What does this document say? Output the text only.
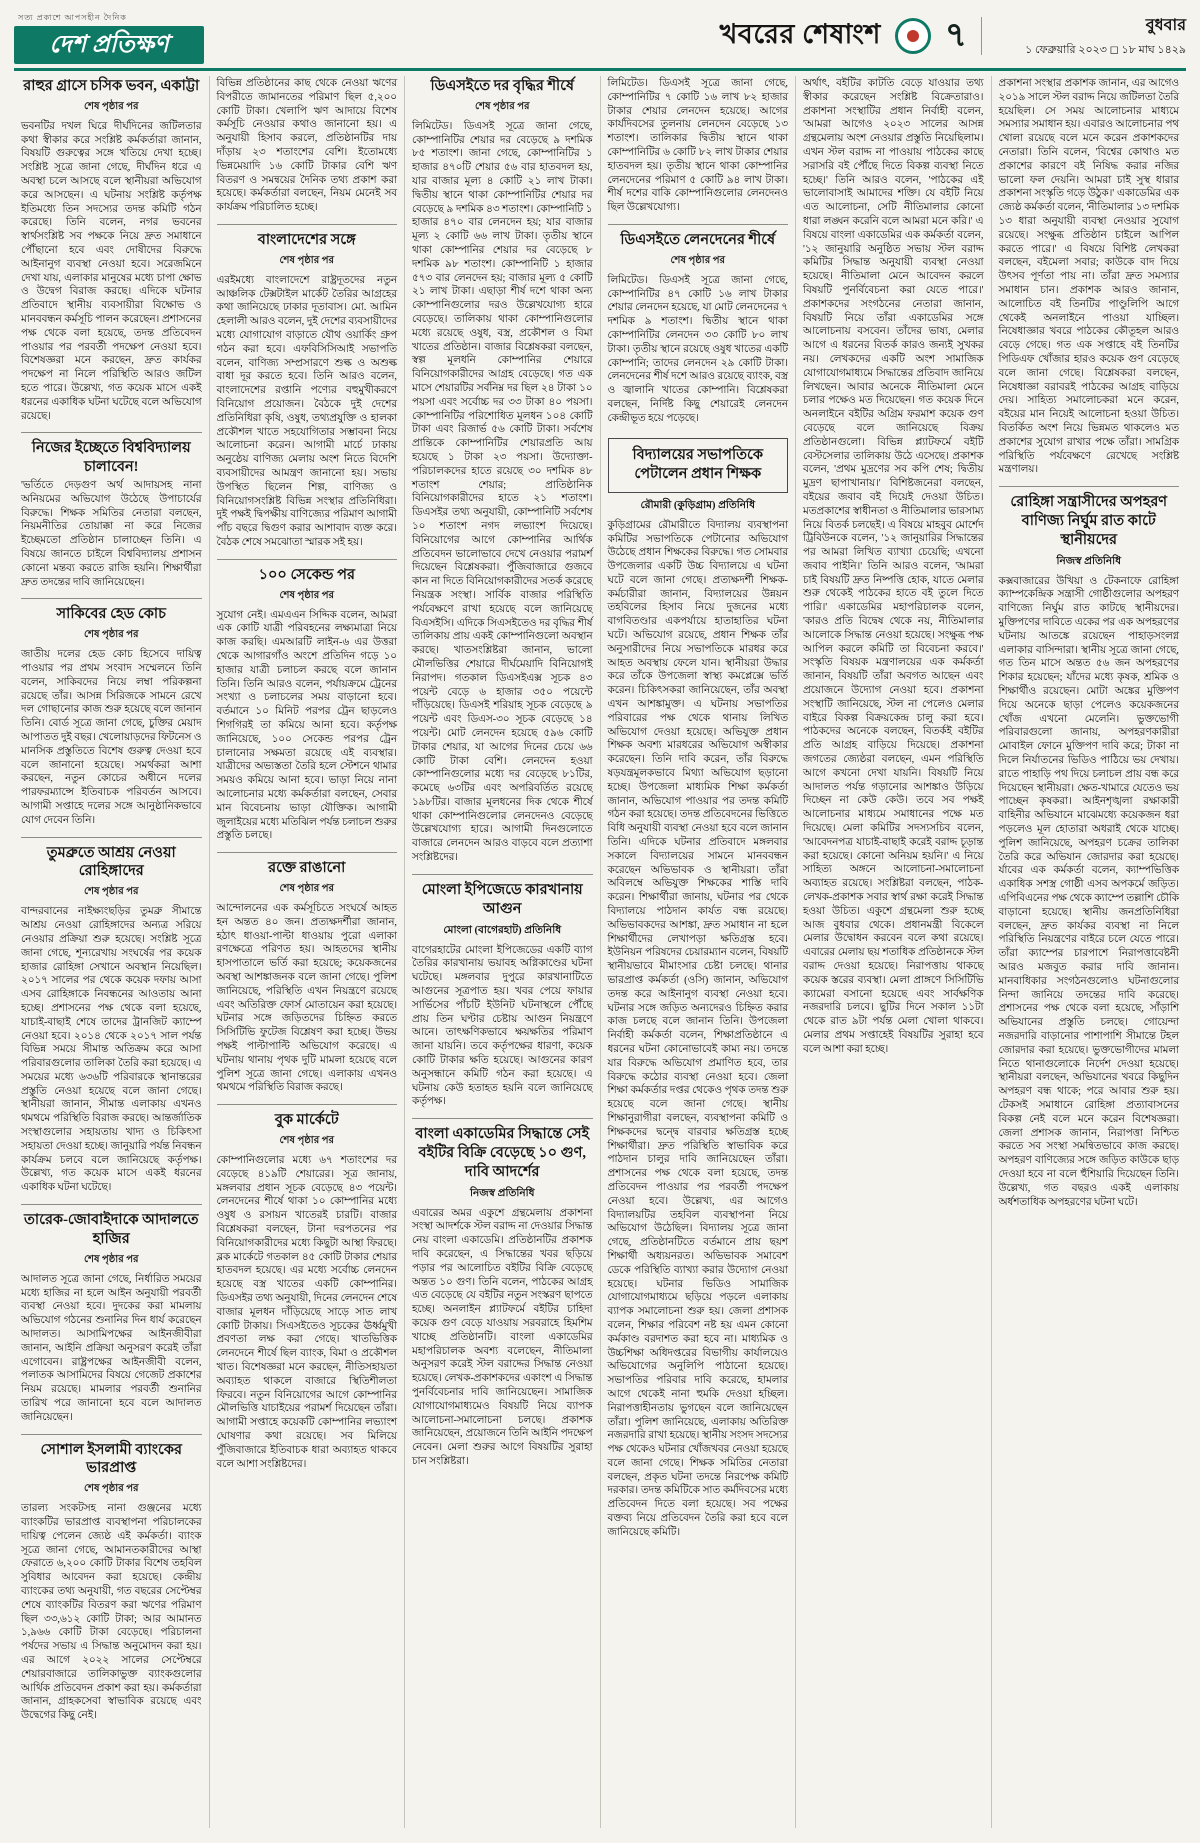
সত্য প্রকাশে আপসহীন দৈনিক
দেশ প্রতিক্ষণ	খবরের শেষাংশ ৭	বুধবার
১ ফেব্রুয়ারি ২০২৩ ◻ ১৮ মাঘ ১৪২৯
রাহুর গ্রাসে চসিক ভবন, একাট্টা
শেষ পৃষ্ঠার পর
ভবনটির দখল ঘিরে দীর্ঘদিনের জটিলতার কথা স্বীকার করে সংশ্লিষ্ট কর্মকর্তারা জানান, বিষয়টি গুরুত্বের সঙ্গে খতিয়ে দেখা হচ্ছে। সংশ্লিষ্ট সূত্রে জানা গেছে, দীর্ঘদিন ধরে এ অবস্থা চলে আসছে বলে স্থানীয়রা অভিযোগ করে আসছেন। এ ঘটনায় সংশ্লিষ্ট কর্তৃপক্ষ ইতিমধ্যে তিন সদস্যের তদন্ত কমিটি গঠন করেছে। তিনি বলেন, নগর ভবনের স্বার্থসংশ্লিষ্ট সব পক্ষকে নিয়ে দ্রুত সমাধানে পৌঁছানো হবে এবং দোষীদের বিরুদ্ধে আইনানুগ ব্যবস্থা নেওয়া হবে। সরেজমিনে দেখা যায়, এলাকার মানুষের মধ্যে চাপা ক্ষোভ ও উদ্বেগ বিরাজ করছে। এদিকে ঘটনার প্রতিবাদে স্থানীয় ব্যবসায়ীরা বিক্ষোভ ও মানববন্ধন কর্মসূচি পালন করেছেন। প্রশাসনের পক্ষ থেকে বলা হয়েছে, তদন্ত প্রতিবেদন পাওয়ার পর পরবর্তী পদক্ষেপ নেওয়া হবে। বিশেষজ্ঞরা মনে করছেন, দ্রুত কার্যকর পদক্ষেপ না নিলে পরিস্থিতি আরও জটিল হতে পারে। উল্লেখ্য, গত কয়েক মাসে একই ধরনের একাধিক ঘটনা ঘটেছে বলে অভিযোগ রয়েছে।
নিজের ইচ্ছেতে বিশ্ববিদ্যালয় চালাবেন!
'ভর্তিতে দেড়গুণ অর্থ আদায়সহ নানা অনিয়মের অভিযোগ উঠেছে উপাচার্যের বিরুদ্ধে। শিক্ষক সমিতির নেতারা বলছেন, নিয়মনীতির তোয়াক্কা না করে নিজের ইচ্ছেমতো প্রতিষ্ঠান চালাচ্ছেন তিনি। এ বিষয়ে জানতে চাইলে বিশ্ববিদ্যালয় প্রশাসন কোনো মন্তব্য করতে রাজি হয়নি। শিক্ষার্থীরা দ্রুত তদন্তের দাবি জানিয়েছেন।
সাকিবের হেড কোচ
শেষ পৃষ্ঠার পর
জাতীয় দলের হেড কোচ হিসেবে দায়িত্ব পাওয়ার পর প্রথম সংবাদ সম্মেলনে তিনি বলেন, সাকিবদের নিয়ে লম্বা পরিকল্পনা রয়েছে তাঁর। আসন্ন সিরিজকে সামনে রেখে দল গোছানোর কাজ শুরু হয়েছে বলে জানান তিনি। বোর্ড সূত্রে জানা গেছে, চুক্তির মেয়াদ আপাতত দুই বছর। খেলোয়াড়দের ফিটনেস ও মানসিক প্রস্তুতিতে বিশেষ গুরুত্ব দেওয়া হবে বলে জানানো হয়েছে। সমর্থকরা আশা করছেন, নতুন কোচের অধীনে দলের পারফরম্যান্সে ইতিবাচক পরিবর্তন আসবে। আগামী সপ্তাহে দলের সঙ্গে আনুষ্ঠানিকভাবে যোগ দেবেন তিনি।
তুমব্রুতে আশ্রয় নেওয়া রোহিঙ্গাদের
শেষ পৃষ্ঠার পর
বান্দরবানের নাইক্ষ্যংছড়ির তুমব্রু সীমান্তে আশ্রয় নেওয়া রোহিঙ্গাদের অন্যত্র সরিয়ে নেওয়ার প্রক্রিয়া শুরু হয়েছে। সংশ্লিষ্ট সূত্রে জানা গেছে, শূন্যরেখায় সংঘর্ষের পর কয়েক হাজার রোহিঙ্গা সেখানে অবস্থান নিয়েছিল। ২০১৭ সালের পর থেকে কয়েক দফায় আসা এসব রোহিঙ্গাকে নিবন্ধনের আওতায় আনা হচ্ছে। প্রশাসনের পক্ষ থেকে বলা হয়েছে, যাচাই-বাছাই শেষে তাদের ট্রানজিট ক্যাম্পে নেওয়া হবে। ২০১৪ থেকে ২০১৭ সাল পর্যন্ত বিভিন্ন সময়ে সীমান্ত অতিক্রম করে আসা পরিবারগুলোর তালিকা তৈরি করা হয়েছে। এ সময়ের মধ্যে ৬৩৬টি পরিবারকে স্থানান্তরের প্রস্তুতি নেওয়া হয়েছে বলে জানা গেছে। স্থানীয়রা জানান, সীমান্ত এলাকায় এখনও থমথমে পরিস্থিতি বিরাজ করছে। আন্তর্জাতিক সংস্থাগুলোর সহায়তায় খাদ্য ও চিকিৎসা সহায়তা দেওয়া হচ্ছে। জানুয়ারি পর্যন্ত নিবন্ধন কার্যক্রম চলবে বলে জানিয়েছে কর্তৃপক্ষ। উল্লেখ্য, গত কয়েক মাসে একই ধরনের একাধিক ঘটনা ঘটেছে।
তারেক-জোবাইদাকে আদালতে হাজির
শেষ পৃষ্ঠার পর
আদালত সূত্রে জানা গেছে, নির্ধারিত সময়ের মধ্যে হাজির না হলে আইন অনুযায়ী পরবর্তী ব্যবস্থা নেওয়া হবে। দুদকের করা মামলায় অভিযোগ গঠনের শুনানির দিন ধার্য করেছেন আদালত। আসামিপক্ষের আইনজীবীরা জানান, আইনি প্রক্রিয়া অনুসরণ করেই তাঁরা এগোবেন। রাষ্ট্রপক্ষের আইনজীবী বলেন, পলাতক আসামিদের বিষয়ে গেজেট প্রকাশের নিয়ম রয়েছে। মামলার পরবর্তী শুনানির তারিখ পরে জানানো হবে বলে আদালত জানিয়েছেন।
সোশাল ইসলামী ব্যাংকের ভারপ্রাপ্ত
শেষ পৃষ্ঠার পর
তারল্য সংকটসহ নানা গুঞ্জনের মধ্যে ব্যাংকটির ভারপ্রাপ্ত ব্যবস্থাপনা পরিচালকের দায়িত্ব পেলেন জ্যেষ্ঠ এই কর্মকর্তা। ব্যাংক সূত্রে জানা গেছে, আমানতকারীদের আস্থা ফেরাতে ৬,২০০ কোটি টাকার বিশেষ তহবিল সুবিধার আবেদন করা হয়েছে। কেন্দ্রীয় ব্যাংকের তথ্য অনুযায়ী, গত বছরের সেপ্টেম্বর শেষে ব্যাংকটির বিতরণ করা ঋণের পরিমাণ ছিল ৩৩,৬১২ কোটি টাকা; আর আমানত ১,৯৬৬ কোটি টাকা বেড়েছে। পরিচালনা পর্ষদের সভায় এ সিদ্ধান্ত অনুমোদন করা হয়। এর আগে ২০২২ সালের সেপ্টেম্বরে শেয়ারবাজারে তালিকাভুক্ত ব্যাংকগুলোর আর্থিক প্রতিবেদন প্রকাশ করা হয়। কর্মকর্তারা জানান, গ্রাহকসেবা স্বাভাবিক রয়েছে এবং উদ্বেগের কিছু নেই।
বিভিন্ন প্রতিষ্ঠানের কাছ থেকে নেওয়া ঋণের বিপরীতে জামানতের পরিমাণ ছিল ৫,২০০ কোটি টাকা। খেলাপি ঋণ আদায়ে বিশেষ কর্মসূচি নেওয়ার কথাও জানানো হয়। এ অনুযায়ী হিসাব করলে, প্রতিষ্ঠানটির দায় দাঁড়ায় ২৩ শতাংশের বেশি। ইতোমধ্যে ভিন্নমেয়াদি ১৬ কোটি টাকার বেশি ঋণ বিতরণ ও সমন্বয়ের দৈনিক তথ্য প্রকাশ করা হয়েছে। কর্মকর্তারা বলছেন, নিয়ম মেনেই সব কার্যক্রম পরিচালিত হচ্ছে।
বাংলাদেশের সঙ্গে
শেষ পৃষ্ঠার পর
এরইমধ্যে বাংলাদেশে রাষ্ট্রদূতদের নতুন আঞ্চলিক টেক্সটাইল মার্কেট তৈরির আগ্রহের কথা জানিয়েছে ঢাকার দূতাবাস। মো. আমিন হেলালী আরও বলেন, দুই দেশের ব্যবসায়ীদের মধ্যে যোগাযোগ বাড়াতে যৌথ ওয়ার্কিং গ্রুপ গঠন করা হবে। এফবিসিসিআই সভাপতি বলেন, বাণিজ্য সম্প্রসারণে শুল্ক ও অশুল্ক বাধা দূর করতে হবে। তিনি আরও বলেন, বাংলাদেশের রপ্তানি পণ্যের বহুমুখীকরণে বিনিয়োগ প্রয়োজন। বৈঠকে দুই দেশের প্রতিনিধিরা কৃষি, ওষুধ, তথ্যপ্রযুক্তি ও হালকা প্রকৌশল খাতে সহযোগিতার সম্ভাবনা নিয়ে আলোচনা করেন। আগামী মার্চে ঢাকায় অনুষ্ঠেয় বাণিজ্য মেলায় অংশ নিতে বিদেশি ব্যবসায়ীদের আমন্ত্রণ জানানো হয়। সভায় উপস্থিত ছিলেন শিল্প, বাণিজ্য ও বিনিয়োগসংশ্লিষ্ট বিভিন্ন সংস্থার প্রতিনিধিরা। দুই পক্ষই দ্বিপক্ষীয় বাণিজ্যের পরিমাণ আগামী পাঁচ বছরে দ্বিগুণ করার আশাবাদ ব্যক্ত করে। বৈঠক শেষে সমঝোতা স্মারক সই হয়।
১০০ সেকেন্ড পর
শেষ পৃষ্ঠার পর
সুযোগ নেই। এমএএন সিদ্দিক বলেন, আমরা এক কোটি যাত্রী পরিবহনের লক্ষ্যমাত্রা নিয়ে কাজ করছি। এমআরটি লাইন-৬ এর উত্তরা থেকে আগারগাঁও অংশে প্রতিদিন গড়ে ১০ হাজার যাত্রী চলাচল করছে বলে জানান তিনি। তিনি আরও বলেন, পর্যায়ক্রমে ট্রেনের সংখ্যা ও চলাচলের সময় বাড়ানো হবে। বর্তমানে ১০ মিনিট পরপর ট্রেন ছাড়লেও শিগগিরই তা কমিয়ে আনা হবে। কর্তৃপক্ষ জানিয়েছে, ১০০ সেকেন্ড পরপর ট্রেন চালানোর সক্ষমতা রয়েছে এই ব্যবস্থার। যাত্রীদের অভ্যস্ততা তৈরি হলে স্টেশনে থামার সময়ও কমিয়ে আনা হবে। ভাড়া নিয়ে নানা আলোচনার মধ্যে কর্মকর্তারা বলছেন, সেবার মান বিবেচনায় ভাড়া যৌক্তিক। আগামী জুলাইয়ের মধ্যে মতিঝিল পর্যন্ত চলাচল শুরুর প্রস্তুতি চলছে।
রক্তে রাঙানো
শেষ পৃষ্ঠার পর
আন্দোলনের এক কর্মসূচিতে সংঘর্ষে আহত হন অন্তত ৪০ জন। প্রত্যক্ষদর্শীরা জানান, হঠাৎ ধাওয়া-পাল্টা ধাওয়ায় পুরো এলাকা রণক্ষেত্রে পরিণত হয়। আহতদের স্থানীয় হাসপাতালে ভর্তি করা হয়েছে; কয়েকজনের অবস্থা আশঙ্কাজনক বলে জানা গেছে। পুলিশ জানিয়েছে, পরিস্থিতি এখন নিয়ন্ত্রণে রয়েছে এবং অতিরিক্ত ফোর্স মোতায়েন করা হয়েছে। ঘটনার সঙ্গে জড়িতদের চিহ্নিত করতে সিসিটিভি ফুটেজ বিশ্লেষণ করা হচ্ছে। উভয় পক্ষই পাল্টাপাল্টি অভিযোগ করেছে। এ ঘটনায় থানায় পৃথক দুটি মামলা হয়েছে বলে পুলিশ সূত্রে জানা গেছে। এলাকায় এখনও থমথমে পরিস্থিতি বিরাজ করছে।
বুক মার্কেটে
শেষ পৃষ্ঠার পর
কোম্পানিগুলোর মধ্যে ৬৭ শতাংশের দর বেড়েছে ৪১৯টি শেয়ারের। সূত্র জানায়, মঙ্গলবার প্রধান সূচক বেড়েছে ৪৩ পয়েন্ট। লেনদেনের শীর্ষে থাকা ১০ কোম্পানির মধ্যে ওষুধ ও রসায়ন খাতেরই চারটি। বাজার বিশ্লেষকরা বলছেন, টানা দরপতনের পর বিনিয়োগকারীদের মধ্যে কিছুটা আস্থা ফিরছে। ব্লক মার্কেটে গতকাল ৪৫ কোটি টাকার শেয়ার হাতবদল হয়েছে। এর মধ্যে সর্বোচ্চ লেনদেন হয়েছে বস্ত্র খাতের একটি কোম্পানির। ডিএসইর তথ্য অনুযায়ী, দিনের লেনদেন শেষে বাজার মূলধন দাঁড়িয়েছে সাড়ে সাত লাখ কোটি টাকায়। সিএসইতেও সূচকের ঊর্ধ্বমুখী প্রবণতা লক্ষ করা গেছে। খাতভিত্তিক লেনদেনে শীর্ষে ছিল ব্যাংক, বিমা ও প্রকৌশল খাত। বিশেষজ্ঞরা মনে করছেন, নীতিসহায়তা অব্যাহত থাকলে বাজারে স্থিতিশীলতা ফিরবে। নতুন বিনিয়োগের আগে কোম্পানির মৌলভিত্তি যাচাইয়ের পরামর্শ দিয়েছেন তাঁরা। আগামী সপ্তাহে কয়েকটি কোম্পানির লভ্যাংশ ঘোষণার কথা রয়েছে। সব মিলিয়ে পুঁজিবাজারে ইতিবাচক ধারা অব্যাহত থাকবে বলে আশা সংশ্লিষ্টদের।
ডিএসইতে দর বৃদ্ধির শীর্ষে
শেষ পৃষ্ঠার পর
লিমিটেড। ডিএসই সূত্রে জানা গেছে, কোম্পানিটির শেয়ার দর বেড়েছে ৯ দশমিক ৮৫ শতাংশ। জানা গেছে, কোম্পানিটির ১ হাজার ৪৭০টি শেয়ার ৫৬ বার হাতবদল হয়, যার বাজার মূল্য ৪ কোটি ২১ লাখ টাকা। দ্বিতীয় স্থানে থাকা কোম্পানিটির শেয়ার দর বেড়েছে ৯ দশমিক ৪৩ শতাংশ। কোম্পানিটি ১ হাজার ৪৭০ বার লেনদেন হয়; যার বাজার মূল্য ২ কোটি ৬৬ লাখ টাকা। তৃতীয় স্থানে থাকা কোম্পানির শেয়ার দর বেড়েছে ৮ দশমিক ৯৮ শতাংশ। কোম্পানিটি ১ হাজার ৫৭৩ বার লেনদেন হয়; বাজার মূল্য ৫ কোটি ২১ লাখ টাকা। এছাড়া শীর্ষ দশে থাকা অন্য কোম্পানিগুলোর দরও উল্লেখযোগ্য হারে বেড়েছে। তালিকায় থাকা কোম্পানিগুলোর মধ্যে রয়েছে ওষুধ, বস্ত্র, প্রকৌশল ও বিমা খাতের প্রতিষ্ঠান। বাজার বিশ্লেষকরা বলছেন, স্বল্প মূলধনি কোম্পানির শেয়ারে বিনিয়োগকারীদের আগ্রহ বেড়েছে। গত এক মাসে শেয়ারটির সর্বনিম্ন দর ছিল ২৪ টাকা ১০ পয়সা এবং সর্বোচ্চ দর ৩৩ টাকা ৪০ পয়সা। কোম্পানিটির পরিশোধিত মূলধন ১০৪ কোটি টাকা এবং রিজার্ভ ৫৬ কোটি টাকা। সর্বশেষ প্রান্তিকে কোম্পানিটির শেয়ারপ্রতি আয় হয়েছে ১ টাকা ২৩ পয়সা। উদ্যোক্তা-পরিচালকদের হাতে রয়েছে ৩০ দশমিক ৪৮ শতাংশ শেয়ার; প্রাতিষ্ঠানিক বিনিয়োগকারীদের হাতে ২১ শতাংশ। ডিএসইর তথ্য অনুযায়ী, কোম্পানিটি সর্বশেষ ১০ শতাংশ নগদ লভ্যাংশ দিয়েছে। বিনিয়োগের আগে কোম্পানির আর্থিক প্রতিবেদন ভালোভাবে দেখে নেওয়ার পরামর্শ দিয়েছেন বিশ্লেষকরা। পুঁজিবাজারে গুজবে কান না দিতে বিনিয়োগকারীদের সতর্ক করেছে নিয়ন্ত্রক সংস্থা। সার্বিক বাজার পরিস্থিতি পর্যবেক্ষণে রাখা হয়েছে বলে জানিয়েছে বিএসইসি। এদিকে সিএসইতেও দর বৃদ্ধির শীর্ষ তালিকায় প্রায় একই কোম্পানিগুলো অবস্থান করছে। খাতসংশ্লিষ্টরা জানান, ভালো মৌলভিত্তির শেয়ারে দীর্ঘমেয়াদি বিনিয়োগই নিরাপদ। গতকাল ডিএসইএক্স সূচক ৪৩ পয়েন্ট বেড়ে ৬ হাজার ৩৫০ পয়েন্টে দাঁড়িয়েছে। ডিএসই শরিয়াহ সূচক বেড়েছে ৯ পয়েন্ট এবং ডিএস-৩০ সূচক বেড়েছে ১৪ পয়েন্ট। মোট লেনদেন হয়েছে ৫৯৬ কোটি টাকার শেয়ার, যা আগের দিনের চেয়ে ৬৬ কোটি টাকা বেশি। লেনদেন হওয়া কোম্পানিগুলোর মধ্যে দর বেড়েছে ৮১টির, কমেছে ৬৩টির এবং অপরিবর্তিত রয়েছে ১৯৮টির। বাজার মূলধনের দিক থেকে শীর্ষে থাকা কোম্পানিগুলোর লেনদেনও বেড়েছে উল্লেখযোগ্য হারে। আগামী দিনগুলোতে বাজারে লেনদেন আরও বাড়বে বলে প্রত্যাশা সংশ্লিষ্টদের।
মোংলা ইপিজেডে কারখানায় আগুন
মোংলা (বাগেরহাট) প্রতিনিধি
বাগেরহাটের মোংলা ইপিজেডের একটি ব্যাগ তৈরির কারখানায় ভয়াবহ অগ্নিকাণ্ডের ঘটনা ঘটেছে। মঙ্গলবার দুপুরে কারখানাটিতে আগুনের সূত্রপাত হয়। খবর পেয়ে ফায়ার সার্ভিসের পাঁচটি ইউনিট ঘটনাস্থলে পৌঁছে প্রায় তিন ঘণ্টার চেষ্টায় আগুন নিয়ন্ত্রণে আনে। তাৎক্ষণিকভাবে ক্ষয়ক্ষতির পরিমাণ জানা যায়নি। তবে কর্তৃপক্ষের ধারণা, কয়েক কোটি টাকার ক্ষতি হয়েছে। আগুনের কারণ অনুসন্ধানে কমিটি গঠন করা হয়েছে। এ ঘটনায় কেউ হতাহত হয়নি বলে জানিয়েছে কর্তৃপক্ষ।
বাংলা একাডেমির সিদ্ধান্তে সেই বইটির বিক্রি বেড়েছে ১০ গুণ, দাবি আদর্শের
নিজস্ব প্রতিনিধি
এবারের অমর একুশে গ্রন্থমেলায় প্রকাশনা সংস্থা আদর্শকে স্টল বরাদ্দ না দেওয়ার সিদ্ধান্ত নেয় বাংলা একাডেমি। প্রতিষ্ঠানটির প্রকাশক দাবি করেছেন, এ সিদ্ধান্তের খবর ছড়িয়ে পড়ার পর আলোচিত বইটির বিক্রি বেড়েছে অন্তত ১০ গুণ। তিনি বলেন, পাঠকের আগ্রহ এত বেড়েছে যে বইটির নতুন সংস্করণ ছাপতে হচ্ছে। অনলাইন প্ল্যাটফর্মে বইটির চাহিদা কয়েক গুণ বেড়ে যাওয়ায় সরবরাহে হিমশিম খাচ্ছে প্রতিষ্ঠানটি। বাংলা একাডেমির মহাপরিচালক অবশ্য বলেছেন, নীতিমালা অনুসরণ করেই স্টল বরাদ্দের সিদ্ধান্ত নেওয়া হয়েছে। লেখক-প্রকাশকদের একাংশ এ সিদ্ধান্ত পুনর্বিবেচনার দাবি জানিয়েছেন। সামাজিক যোগাযোগমাধ্যমেও বিষয়টি নিয়ে ব্যাপক আলোচনা-সমালোচনা চলছে। প্রকাশক জানিয়েছেন, প্রয়োজনে তিনি আইনি পদক্ষেপ নেবেন। মেলা শুরুর আগে বিষয়টির সুরাহা চান সংশ্লিষ্টরা।
লিমিটেড। ডিএসই সূত্রে জানা গেছে, কোম্পানিটির ৭ কোটি ১৬ লাখ ৮২ হাজার টাকার শেয়ার লেনদেন হয়েছে। আগের কার্যদিবসের তুলনায় লেনদেন বেড়েছে ১৩ শতাংশ। তালিকার দ্বিতীয় স্থানে থাকা কোম্পানিটির ৬ কোটি ৮২ লাখ টাকার শেয়ার হাতবদল হয়। তৃতীয় স্থানে থাকা কোম্পানির লেনদেনের পরিমাণ ৫ কোটি ৯৪ লাখ টাকা। শীর্ষ দশের বাকি কোম্পানিগুলোর লেনদেনও ছিল উল্লেখযোগ্য।
ডিএসইতে লেনদেনের শীর্ষে
শেষ পৃষ্ঠার পর
লিমিটেড। ডিএসই সূত্রে জানা গেছে, কোম্পানিটির ৪৭ কোটি ১৬ লাখ টাকার শেয়ার লেনদেন হয়েছে, যা মোট লেনদেনের ৭ দশমিক ৯ শতাংশ। দ্বিতীয় স্থানে থাকা কোম্পানিটির লেনদেন ৩৩ কোটি ৮০ লাখ টাকা। তৃতীয় স্থানে রয়েছে ওষুধ খাতের একটি কোম্পানি; তাদের লেনদেন ২৯ কোটি টাকা। লেনদেনের শীর্ষ দশে আরও রয়েছে ব্যাংক, বস্ত্র ও জ্বালানি খাতের কোম্পানি। বিশ্লেষকরা বলছেন, নির্দিষ্ট কিছু শেয়ারেই লেনদেন কেন্দ্রীভূত হয়ে পড়েছে।
বিদ্যালয়ের সভাপতিকে পেটালেন প্রধান শিক্ষক
রৌমারী (কুড়িগ্রাম) প্রতিনিধি
কুড়িগ্রামের রৌমারীতে বিদ্যালয় ব্যবস্থাপনা কমিটির সভাপতিকে পেটানোর অভিযোগ উঠেছে প্রধান শিক্ষকের বিরুদ্ধে। গত সোমবার উপজেলার একটি উচ্চ বিদ্যালয়ে এ ঘটনা ঘটে বলে জানা গেছে। প্রত্যক্ষদর্শী শিক্ষক-কর্মচারীরা জানান, বিদ্যালয়ের উন্নয়ন তহবিলের হিসাব নিয়ে দুজনের মধ্যে বাগবিতণ্ডার একপর্যায়ে হাতাহাতির ঘটনা ঘটে। অভিযোগ রয়েছে, প্রধান শিক্ষক তাঁর অনুসারীদের নিয়ে সভাপতিকে মারধর করে আহত অবস্থায় ফেলে যান। স্থানীয়রা উদ্ধার করে তাঁকে উপজেলা স্বাস্থ্য কমপ্লেক্সে ভর্তি করেন। চিকিৎসকরা জানিয়েছেন, তাঁর অবস্থা এখন আশঙ্কামুক্ত। এ ঘটনায় সভাপতির পরিবারের পক্ষ থেকে থানায় লিখিত অভিযোগ দেওয়া হয়েছে। অভিযুক্ত প্রধান শিক্ষক অবশ্য মারধরের অভিযোগ অস্বীকার করেছেন। তিনি দাবি করেন, তাঁর বিরুদ্ধে ষড়যন্ত্রমূলকভাবে মিথ্যা অভিযোগ ছড়ানো হচ্ছে। উপজেলা মাধ্যমিক শিক্ষা কর্মকর্তা জানান, অভিযোগ পাওয়ার পর তদন্ত কমিটি গঠন করা হয়েছে। তদন্ত প্রতিবেদনের ভিত্তিতে বিধি অনুযায়ী ব্যবস্থা নেওয়া হবে বলে জানান তিনি। এদিকে ঘটনার প্রতিবাদে মঙ্গলবার সকালে বিদ্যালয়ের সামনে মানববন্ধন করেছেন অভিভাবক ও স্থানীয়রা। তাঁরা অবিলম্বে অভিযুক্ত শিক্ষকের শাস্তি দাবি করেন। শিক্ষার্থীরা জানায়, ঘটনার পর থেকে বিদ্যালয়ে পাঠদান কার্যত বন্ধ রয়েছে। অভিভাবকদের আশঙ্কা, দ্রুত সমাধান না হলে শিক্ষার্থীদের লেখাপড়া ক্ষতিগ্রস্ত হবে। ইউনিয়ন পরিষদের চেয়ারম্যান বলেন, বিষয়টি স্থানীয়ভাবে মীমাংসার চেষ্টা চলছে। থানার ভারপ্রাপ্ত কর্মকর্তা (ওসি) জানান, অভিযোগ তদন্ত করে আইনানুগ ব্যবস্থা নেওয়া হবে। ঘটনার সঙ্গে জড়িত অন্যদেরও চিহ্নিত করার কাজ চলছে বলে জানান তিনি। উপজেলা নির্বাহী কর্মকর্তা বলেন, শিক্ষাপ্রতিষ্ঠানে এ ধরনের ঘটনা কোনোভাবেই কাম্য নয়। তদন্তে যার বিরুদ্ধে অভিযোগ প্রমাণিত হবে, তার বিরুদ্ধে কঠোর ব্যবস্থা নেওয়া হবে। জেলা শিক্ষা কর্মকর্তার দপ্তর থেকেও পৃথক তদন্ত শুরু হয়েছে বলে জানা গেছে। স্থানীয় শিক্ষানুরাগীরা বলছেন, ব্যবস্থাপনা কমিটি ও শিক্ষকদের দ্বন্দ্বে বারবার ক্ষতিগ্রস্ত হচ্ছে শিক্ষার্থীরা। দ্রুত পরিস্থিতি স্বাভাবিক করে পাঠদান চালুর দাবি জানিয়েছেন তাঁরা। প্রশাসনের পক্ষ থেকে বলা হয়েছে, তদন্ত প্রতিবেদন পাওয়ার পর পরবর্তী পদক্ষেপ নেওয়া হবে। উল্লেখ্য, এর আগেও বিদ্যালয়টির তহবিল ব্যবস্থাপনা নিয়ে অভিযোগ উঠেছিল। বিদ্যালয় সূত্রে জানা গেছে, প্রতিষ্ঠানটিতে বর্তমানে প্রায় ছয়শ শিক্ষার্থী অধ্যয়নরত। অভিভাবক সমাবেশ ডেকে পরিস্থিতি ব্যাখ্যা করার উদ্যোগ নেওয়া হয়েছে। ঘটনার ভিডিও সামাজিক যোগাযোগমাধ্যমে ছড়িয়ে পড়লে এলাকায় ব্যাপক সমালোচনা শুরু হয়। জেলা প্রশাসক বলেন, শিক্ষার পরিবেশ নষ্ট হয় এমন কোনো কর্মকাণ্ড বরদাশত করা হবে না। মাধ্যমিক ও উচ্চশিক্ষা অধিদপ্তরের বিভাগীয় কার্যালয়েও অভিযোগের অনুলিপি পাঠানো হয়েছে। সভাপতির পরিবার দাবি করেছে, হামলার আগে থেকেই নানা হুমকি দেওয়া হচ্ছিল। নিরাপত্তাহীনতায় ভুগছেন বলে জানিয়েছেন তাঁরা। পুলিশ জানিয়েছে, এলাকায় অতিরিক্ত নজরদারি রাখা হয়েছে। স্থানীয় সংসদ সদস্যের পক্ষ থেকেও ঘটনার খোঁজখবর নেওয়া হয়েছে বলে জানা গেছে। শিক্ষক সমিতির নেতারা বলছেন, প্রকৃত ঘটনা তদন্তে নিরপেক্ষ কমিটি দরকার। তদন্ত কমিটিকে সাত কর্মদিবসের মধ্যে প্রতিবেদন দিতে বলা হয়েছে। সব পক্ষের বক্তব্য নিয়ে প্রতিবেদন তৈরি করা হবে বলে জানিয়েছে কমিটি।
অর্থাৎ, বইটির কাটতি বেড়ে যাওয়ার তথ্য স্বীকার করেছেন সংশ্লিষ্ট বিক্রেতারাও। প্রকাশনা সংস্থাটির প্রধান নির্বাহী বলেন, 'আমরা আগেও ২০২৩ সালের আসন্ন গ্রন্থমেলায় অংশ নেওয়ার প্রস্তুতি নিয়েছিলাম। এখন স্টল বরাদ্দ না পাওয়ায় পাঠকের কাছে সরাসরি বই পৌঁছে দিতে বিকল্প ব্যবস্থা নিতে হচ্ছে।' তিনি আরও বলেন, 'পাঠকের এই ভালোবাসাই আমাদের শক্তি। যে বইটি নিয়ে এত আলোচনা, সেটি নীতিমালার কোনো ধারা লঙ্ঘন করেনি বলে আমরা মনে করি।' এ বিষয়ে বাংলা একাডেমির এক কর্মকর্তা বলেন, '১২ জানুয়ারি অনুষ্ঠিত সভায় স্টল বরাদ্দ কমিটির সিদ্ধান্ত অনুযায়ী ব্যবস্থা নেওয়া হয়েছে। নীতিমালা মেনে আবেদন করলে বিষয়টি পুনর্বিবেচনা করা যেতে পারে।' প্রকাশকদের সংগঠনের নেতারা জানান, বিষয়টি নিয়ে তাঁরা একাডেমির সঙ্গে আলোচনায় বসবেন। তাঁদের ভাষ্য, মেলার আগে এ ধরনের বিতর্ক কারও জন্যই সুখকর নয়। লেখকদের একটি অংশ সামাজিক যোগাযোগমাধ্যমে সিদ্ধান্তের প্রতিবাদ জানিয়ে লিখছেন। আবার অনেকে নীতিমালা মেনে চলার পক্ষেও মত দিয়েছেন। গত কয়েক দিনে অনলাইনে বইটির অগ্রিম ফরমাশ কয়েক গুণ বেড়েছে বলে জানিয়েছে বিক্রয় প্রতিষ্ঠানগুলো। বিভিন্ন প্ল্যাটফর্মে বইটি বেস্টসেলার তালিকায় উঠে এসেছে। প্রকাশক বলেন, 'প্রথম মুদ্রণের সব কপি শেষ; দ্বিতীয় মুদ্রণ ছাপাখানায়।' বিশিষ্টজনেরা বলছেন, বইয়ের জবাব বই দিয়েই দেওয়া উচিত। মতপ্রকাশের স্বাধীনতা ও নীতিমালার ভারসাম্য নিয়ে বিতর্ক চলছেই। এ বিষয়ে মাহবুব মোর্শেদ ট্রিবিউনকে বলেন, '১২ জানুয়ারির সিদ্ধান্তের পর আমরা লিখিত ব্যাখ্যা চেয়েছি; এখনো জবাব পাইনি।' তিনি আরও বলেন, 'আমরা চাই বিষয়টি দ্রুত নিষ্পত্তি হোক, যাতে মেলার শুরু থেকেই পাঠকের হাতে বই তুলে দিতে পারি।' একাডেমির মহাপরিচালক বলেন, 'কারও প্রতি বিদ্বেষ থেকে নয়, নীতিমালার আলোকে সিদ্ধান্ত নেওয়া হয়েছে। সংক্ষুব্ধ পক্ষ আপিল করলে কমিটি তা বিবেচনা করবে।' সংস্কৃতি বিষয়ক মন্ত্রণালয়ের এক কর্মকর্তা জানান, বিষয়টি তাঁরা অবগত আছেন এবং প্রয়োজনে উদ্যোগ নেওয়া হবে। প্রকাশনা সংস্থাটি জানিয়েছে, স্টল না পেলেও মেলার বাইরে বিকল্প বিক্রয়কেন্দ্র চালু করা হবে। পাঠকদের অনেকে বলছেন, বিতর্কই বইটির প্রতি আগ্রহ বাড়িয়ে দিয়েছে। প্রকাশনা জগতের জ্যেষ্ঠরা বলছেন, এমন পরিস্থিতি আগে কখনো দেখা যায়নি। বিষয়টি নিয়ে আদালত পর্যন্ত গড়ানোর আশঙ্কাও উড়িয়ে দিচ্ছেন না কেউ কেউ। তবে সব পক্ষই আলোচনার মাধ্যমে সমাধানের পক্ষে মত দিয়েছে। মেলা কমিটির সদস্যসচিব বলেন, 'আবেদনপত্র যাচাই-বাছাই করেই বরাদ্দ চূড়ান্ত করা হয়েছে। কোনো অনিয়ম হয়নি।' এ নিয়ে সাহিত্য অঙ্গনে আলোচনা-সমালোচনা অব্যাহত রয়েছে। সংশ্লিষ্টরা বলছেন, পাঠক-লেখক-প্রকাশক সবার স্বার্থ রক্ষা করেই সিদ্ধান্ত হওয়া উচিত। একুশে গ্রন্থমেলা শুরু হচ্ছে আজ বুধবার থেকে। প্রধানমন্ত্রী বিকেলে মেলার উদ্বোধন করবেন বলে কথা রয়েছে। এবারের মেলায় ছয় শতাধিক প্রতিষ্ঠানকে স্টল বরাদ্দ দেওয়া হয়েছে। নিরাপত্তায় থাকছে কয়েক স্তরের ব্যবস্থা। মেলা প্রাঙ্গণে সিসিটিভি ক্যামেরা বসানো হয়েছে এবং সার্বক্ষণিক নজরদারি চলবে। ছুটির দিনে সকাল ১১টা থেকে রাত ৯টা পর্যন্ত মেলা খোলা থাকবে। মেলার প্রথম সপ্তাহেই বিষয়টির সুরাহা হবে বলে আশা করা হচ্ছে।
প্রকাশনা সংস্থার প্রকাশক জানান, এর আগেও ২০১৯ সালে স্টল বরাদ্দ নিয়ে জটিলতা তৈরি হয়েছিল। সে সময় আলোচনার মাধ্যমে সমস্যার সমাধান হয়। এবারও আলোচনার পথ খোলা রয়েছে বলে মনে করেন প্রকাশকদের নেতারা। তিনি বলেন, 'বিশ্বের কোথাও মত প্রকাশের কারণে বই নিষিদ্ধ করার নজির ভালো ফল দেয়নি। আমরা চাই সুস্থ ধারার প্রকাশনা সংস্কৃতি গড়ে উঠুক।' একাডেমির এক জ্যেষ্ঠ কর্মকর্তা বলেন, 'নীতিমালার ১৩ দশমিক ১৩ ধারা অনুযায়ী ব্যবস্থা নেওয়ার সুযোগ রয়েছে। সংক্ষুব্ধ প্রতিষ্ঠান চাইলে আপিল করতে পারে।' এ বিষয়ে বিশিষ্ট লেখকরা বলছেন, বইমেলা সবার; কাউকে বাদ দিয়ে উৎসব পূর্ণতা পায় না। তাঁরা দ্রুত সমস্যার সমাধান চান। প্রকাশক আরও জানান, আলোচিত বই তিনটির পাণ্ডুলিপি আগে থেকেই অনলাইনে পাওয়া যাচ্ছিল। নিষেধাজ্ঞার খবরে পাঠকের কৌতূহল আরও বেড়ে গেছে। গত এক সপ্তাহে বই তিনটির পিডিএফ খোঁজার হারও কয়েক গুণ বেড়েছে বলে জানা গেছে। বিশ্লেষকরা বলছেন, নিষেধাজ্ঞা বরাবরই পাঠকের আগ্রহ বাড়িয়ে দেয়। সাহিত্য সমালোচকরা মনে করেন, বইয়ের মান নিয়েই আলোচনা হওয়া উচিত। বিতর্কিত অংশ নিয়ে ভিন্নমত থাকলেও মত প্রকাশের সুযোগ রাখার পক্ষে তাঁরা। সামগ্রিক পরিস্থিতি পর্যবেক্ষণে রেখেছে সংশ্লিষ্ট মন্ত্রণালয়।
রোহিঙ্গা সন্ত্রাসীদের অপহরণ বাণিজ্য নির্ঘুম রাত কাটে স্থানীয়দের
নিজস্ব প্রতিনিধি
কক্সবাজারের উখিয়া ও টেকনাফে রোহিঙ্গা ক্যাম্পকেন্দ্রিক সন্ত্রাসী গোষ্ঠীগুলোর অপহরণ বাণিজ্যে নির্ঘুম রাত কাটছে স্থানীয়দের। মুক্তিপণের দাবিতে একের পর এক অপহরণের ঘটনায় আতঙ্কে রয়েছেন পাহাড়সংলগ্ন এলাকার বাসিন্দারা। স্থানীয় সূত্রে জানা গেছে, গত তিন মাসে অন্তত ৫৬ জন অপহরণের শিকার হয়েছেন; যাঁদের মধ্যে কৃষক, শ্রমিক ও শিক্ষার্থীও রয়েছেন। মোটা অঙ্কের মুক্তিপণ দিয়ে অনেকে ছাড়া পেলেও কয়েকজনের খোঁজ এখনো মেলেনি। ভুক্তভোগী পরিবারগুলো জানায়, অপহরণকারীরা মোবাইল ফোনে মুক্তিপণ দাবি করে; টাকা না দিলে নির্যাতনের ভিডিও পাঠিয়ে ভয় দেখায়। রাতে পাহাড়ি পথ দিয়ে চলাচল প্রায় বন্ধ করে দিয়েছেন স্থানীয়রা। ক্ষেত-খামারে যেতেও ভয় পাচ্ছেন কৃষকরা। আইনশৃঙ্খলা রক্ষাকারী বাহিনীর অভিযানে মাঝেমধ্যে কয়েকজন ধরা পড়লেও মূল হোতারা অধরাই থেকে যাচ্ছে। পুলিশ জানিয়েছে, অপহরণ চক্রের তালিকা তৈরি করে অভিযান জোরদার করা হয়েছে। র্যাবের এক কর্মকর্তা বলেন, ক্যাম্পভিত্তিক একাধিক সশস্ত্র গোষ্ঠী এসব অপকর্মে জড়িত। এপিবিএনের পক্ষ থেকে ক্যাম্পে তল্লাশি চৌকি বাড়ানো হয়েছে। স্থানীয় জনপ্রতিনিধিরা বলছেন, দ্রুত কার্যকর ব্যবস্থা না নিলে পরিস্থিতি নিয়ন্ত্রণের বাইরে চলে যেতে পারে। তাঁরা ক্যাম্পের চারপাশে নিরাপত্তাবেষ্টনী আরও মজবুত করার দাবি জানান। মানবাধিকার সংগঠনগুলোও ঘটনাগুলোর নিন্দা জানিয়ে তদন্তের দাবি করেছে। প্রশাসনের পক্ষ থেকে বলা হয়েছে, সাঁড়াশি অভিযানের প্রস্তুতি চলছে। গোয়েন্দা নজরদারি বাড়ানোর পাশাপাশি সীমান্তে টহল জোরদার করা হয়েছে। ভুক্তভোগীদের মামলা নিতে থানাগুলোকে নির্দেশ দেওয়া হয়েছে। স্থানীয়রা বলছেন, অভিযানের খবরে কিছুদিন অপহরণ বন্ধ থাকে; পরে আবার শুরু হয়। টেকসই সমাধানে রোহিঙ্গা প্রত্যাবাসনের বিকল্প নেই বলে মনে করেন বিশেষজ্ঞরা। জেলা প্রশাসক জানান, নিরাপত্তা নিশ্চিত করতে সব সংস্থা সমন্বিতভাবে কাজ করছে। অপহরণ বাণিজ্যের সঙ্গে জড়িত কাউকে ছাড় দেওয়া হবে না বলে হুঁশিয়ারি দিয়েছেন তিনি। উল্লেখ্য, গত বছরও একই এলাকায় অর্ধশতাধিক অপহরণের ঘটনা ঘটে।
